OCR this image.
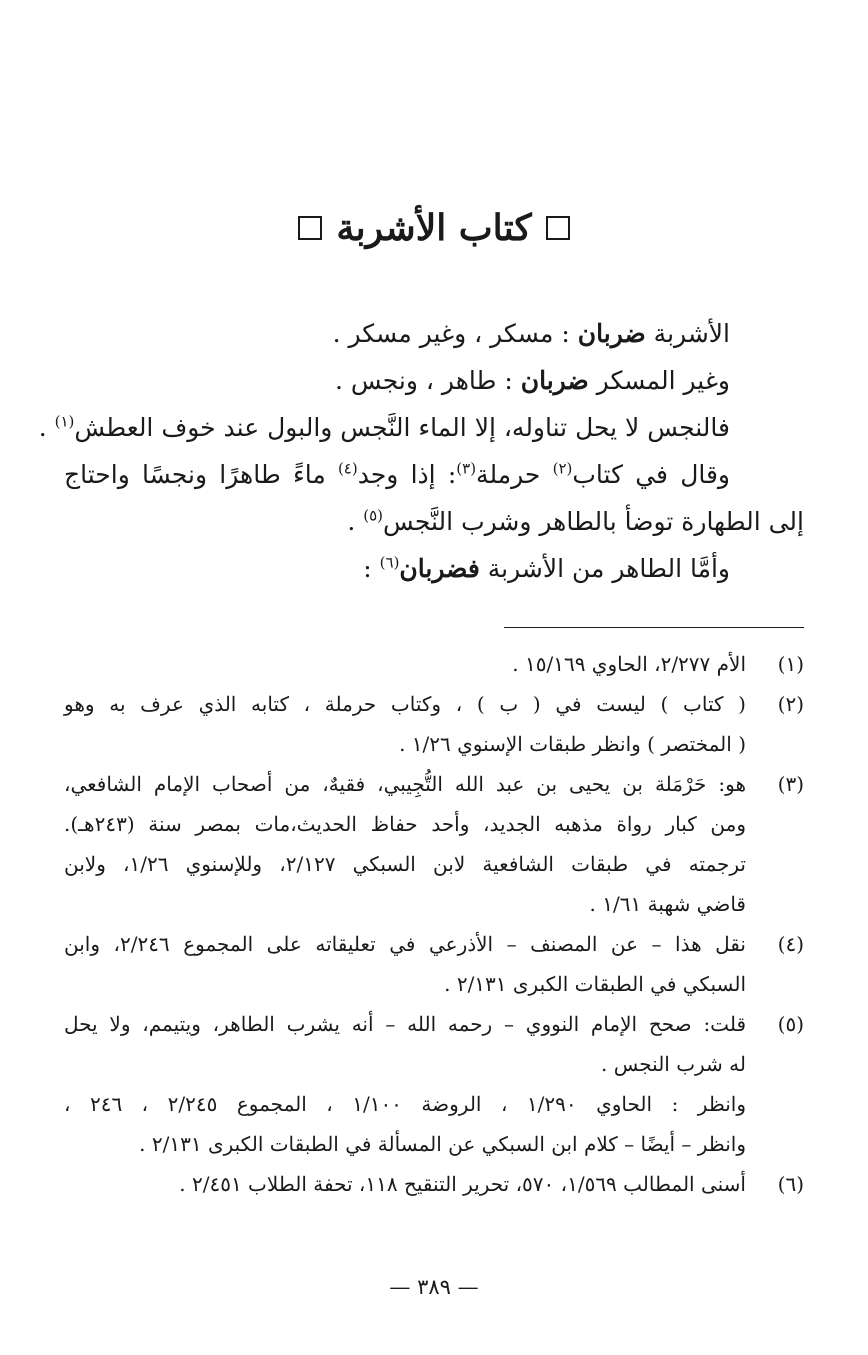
كتاب الأشربة

الأشربة ضربان : مسكر ، وغير مسكر .

وغير المسكر ضربان : طاهر ، ونجس .

فالنجس لا يحل تناوله، إلا الماء النَّجس والبول عند خوف العطش$^{(١)}$ .

وقال في كتاب$^{(٢)}$ حرملة$^{(٣)}$: إذا وجد$^{(٤)}$ ماءً طاهرًا ونجسًا واحتاج

إلى الطهارة توضأ بالطاهر وشرب النَّجس$^{(٥)}$ .

وأمَّا الطاهر من الأشربة فضربان$^{(٦)}$ :

(١)
الأم ٢/٢٧٧، الحاوي ١٥/١٦٩ .
(٢)
( كتاب ) ليست في ( ب ) ، وكتاب حرملة ، كتابه الذي عرف به وهو
( المختصر ) وانظر طبقات الإسنوي ١/٢٦ .
(٣)
هو: حَرْمَلة بن يحيى بن عبد الله التُّجِيبي، فقيهٌ، من أصحاب الإمام الشافعي،
ومن كبار رواة مذهبه الجديد، وأحد حفاظ الحديث،مات بمصر سنة (٢٤٣هـ).
ترجمته في طبقات الشافعية لابن السبكي ٢/١٢٧، وللإسنوي ١/٢٦، ولابن
قاضي شهبة ١/٦١ .
(٤)
نقل هذا – عن المصنف – الأذرعي في تعليقاته على المجموع ٢/٢٤٦، وابن
السبكي في الطبقات الكبرى ٢/١٣١ .
(٥)
قلت: صحح الإمام النووي – رحمه الله – أنه يشرب الطاهر، ويتيمم، ولا يحل
له شرب النجس .
وانظر : الحاوي ١/٢٩٠ ، الروضة ١/١٠٠ ، المجموع ٢/٢٤٥ ، ٢٤٦ ،
وانظر – أيضًا – كلام ابن السبكي عن المسألة في الطبقات الكبرى ٢/١٣١ .
(٦)
أسنى المطالب ١/٥٦٩، ٥٧٠، تحرير التنقيح ١١٨، تحفة الطلاب ٢/٤٥١ .
— ٣٨٩ —
